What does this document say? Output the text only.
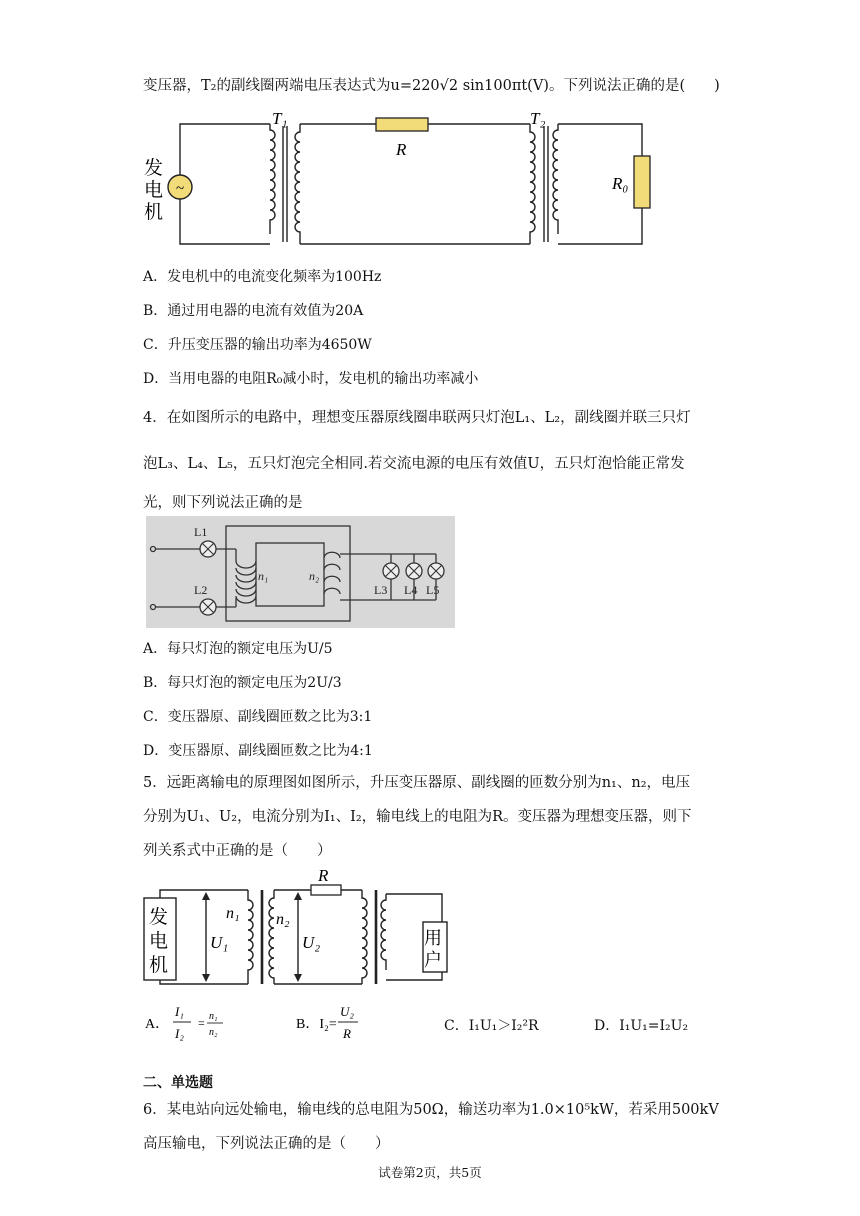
变压器，T₂的副线圈两端电压表达式为u=220√2 sin100πt(V)。下列说法正确的是(　　)
~
发
电
机
T₁	T₂
R
R₀
A．发电机中的电流变化频率为100Hz
B．通过用电器的电流有效值为20A
C．升压变压器的输出功率为4650W
D．当用电器的电阻R₀减小时，发电机的输出功率减小
4．在如图所示的电路中，理想变压器原线圈串联两只灯泡L₁、L₂，副线圈并联三只灯
泡L₃、L₄、L₅，五只灯泡完全相同.若交流电源的电压有效值U，五只灯泡恰能正常发
光，则下列说法正确的是
L1
L2
n₁	n₂
L3 L4 L5
A．每只灯泡的额定电压为U/5
B．每只灯泡的额定电压为2U/3
C．变压器原、副线圈匝数之比为3:1
D．变压器原、副线圈匝数之比为4:1
5．远距离输电的原理图如图所示，升压变压器原、副线圈的匝数分别为n₁、n₂，电压
分别为U₁、U₂，电流分别为I₁、I₂，输电线上的电阻为R。变压器为理想变压器，则下
列关系式中正确的是（　　）
R
发
电
机
用
户
n₁ n₂
U₁	U₂
A．
I₁
I₂
= n₁
n₂
B．I₂=
U₂
R	C．I₁U₁＞I₂²R	D．I₁U₁=I₂U₂
二、单选题
6．某电站向远处输电，输电线的总电阻为50Ω，输送功率为1.0×10⁵kW，若采用500kV
高压输电，下列说法正确的是（　　）
试卷第2页，共5页
